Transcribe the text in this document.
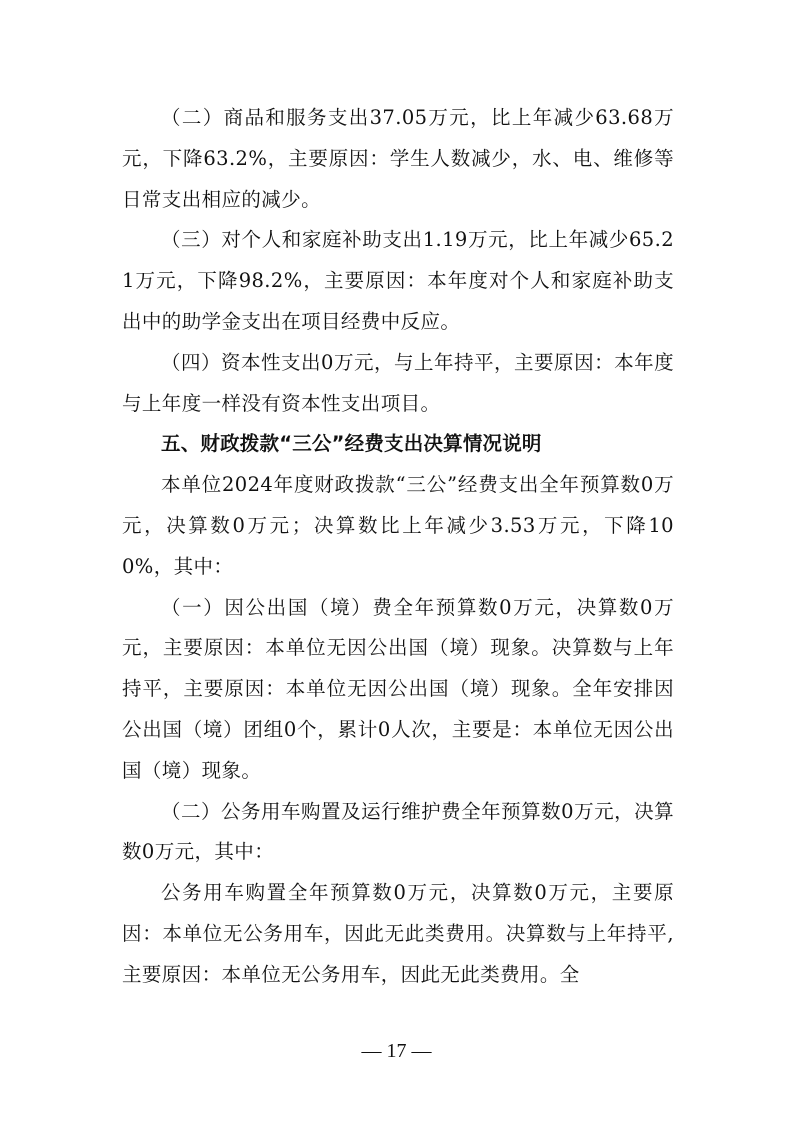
（二）商品和服务支出37.05万元，比上年减少63.68万元，下降63.2%，主要原因：学生人数减少，水、电、维修等日常支出相应的减少。

（三）对个人和家庭补助支出1.19万元，比上年减少65.21万元，下降98.2%，主要原因：本年度对个人和家庭补助支出中的助学金支出在项目经费中反应。

（四）资本性支出0万元，与上年持平，主要原因：本年度与上年度一样没有资本性支出项目。

五、财政拨款“三公”经费支出决算情况说明

本单位2024年度财政拨款“三公”经费支出全年预算数0万元，决算数0万元；决算数比上年减少3.53万元，下降100%，其中：

（一）因公出国（境）费全年预算数0万元，决算数0万元，主要原因：本单位无因公出国（境）现象。决算数与上年持平，主要原因：本单位无因公出国（境）现象。全年安排因公出国（境）团组0个，累计0人次，主要是：本单位无因公出国（境）现象。

（二）公务用车购置及运行维护费全年预算数0万元，决算数0万元，其中：

公务用车购置全年预算数0万元，决算数0万元，主要原因：本单位无公务用车，因此无此类费用。决算数与上年持平,主要原因：本单位无公务用车，因此无此类费用。全

— 17 —
